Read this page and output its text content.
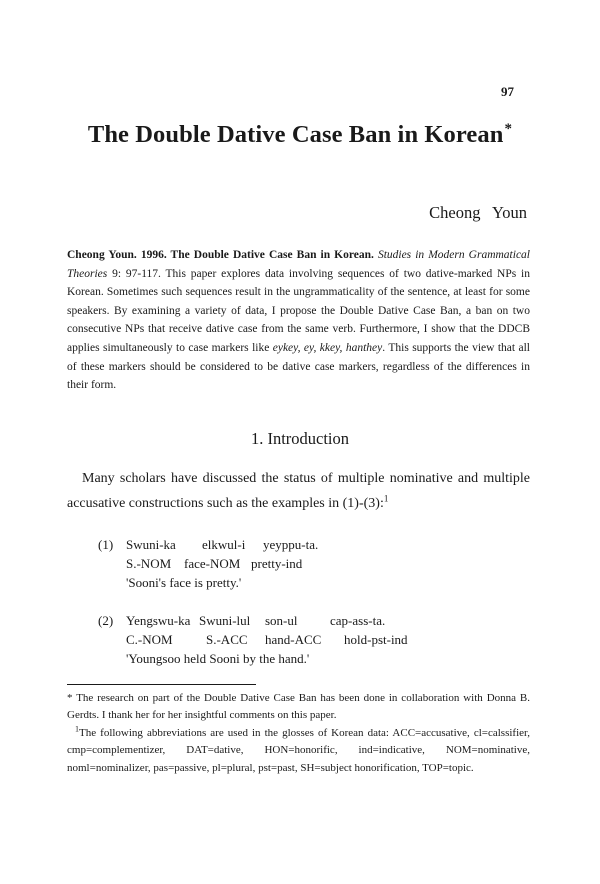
97
The Double Dative Case Ban in Korean*
Cheong Youn
Cheong Youn. 1996. The Double Dative Case Ban in Korean. Studies in Modern Grammatical Theories 9: 97-117. This paper explores data involving sequences of two dative-marked NPs in Korean. Sometimes such sequences result in the ungrammaticality of the sentence, at least for some speakers. By examining a variety of data, I propose the Double Dative Case Ban, a ban on two consecutive NPs that receive dative case from the same verb. Furthermore, I show that the DDCB applies simultaneously to case markers like eykey, ey, kkey, hanthey. This supports the view that all of these markers should be considered to be dative case markers, regardless of the differences in their form.
1. Introduction
Many scholars have discussed the status of multiple nominative and multiple accusative constructions such as the examples in (1)-(3):$^1$
(1) Swuni-ka elkwul-i yeyppu-ta.
S.-NOM face-NOM pretty-ind
'Sooni's face is pretty.'
(2) Yengswu-ka Swuni-lul son-ul	cap-ass-ta.
C.-NOM	S.-ACC hand-ACC hold-pst-ind
'Youngsoo held Sooni by the hand.'

* The research on part of the Double Dative Case Ban has been done in collaboration with Donna B. Gerdts. I thank her for her insightful comments on this paper.

$^1$The following abbreviations are used in the glosses of Korean data: ACC=accusative, cl=calssifier, cmp=complementizer, DAT=dative, HON=honorific, ind=indicative, NOM=nominative, noml=nominalizer, pas=passive, pl=plural, pst=past, SH=subject honorification, TOP=topic.
